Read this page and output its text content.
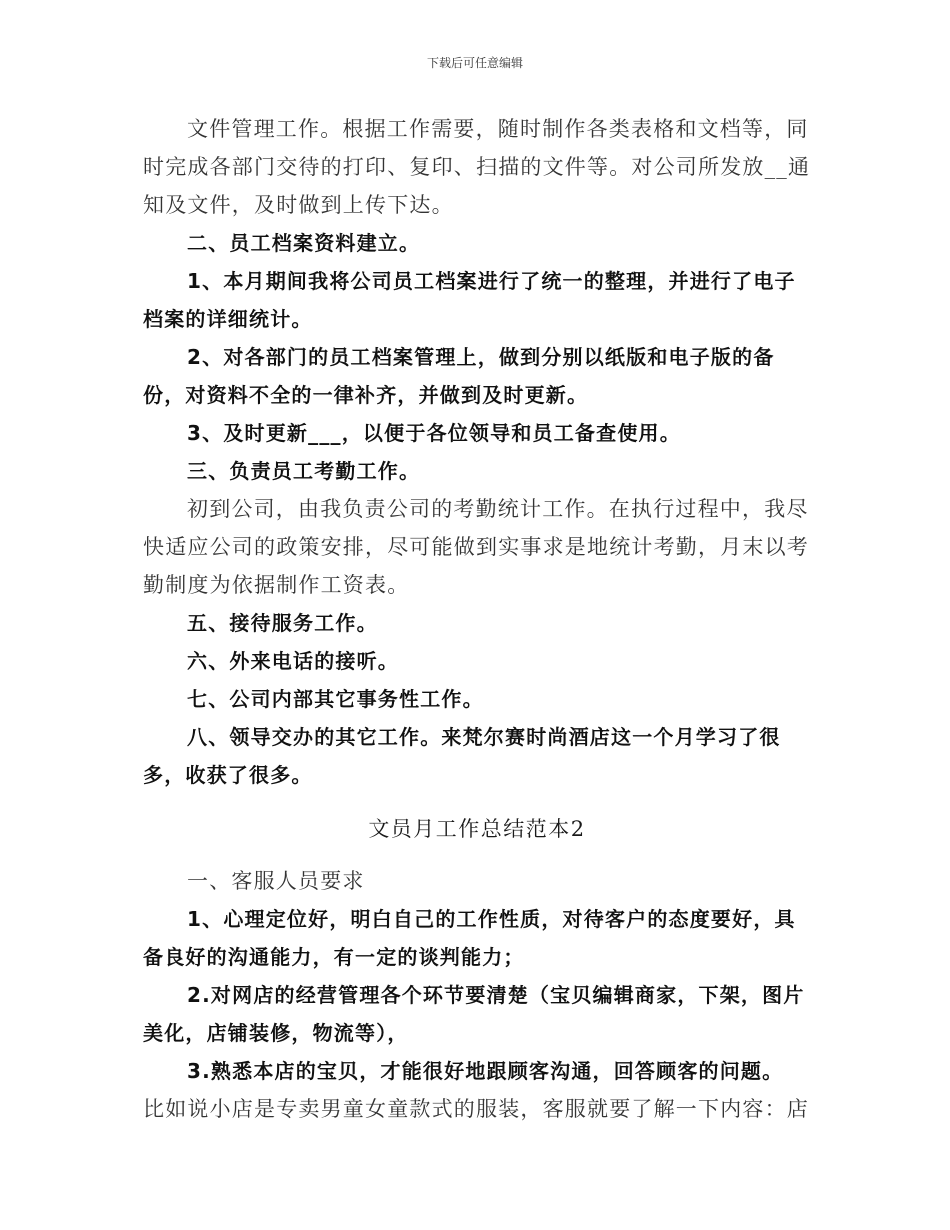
下载后可任意编辑

文件管理工作。根据工作需要，随时制作各类表格和文档等，同时完成各部门交待的打印、复印、扫描的文件等。对公司所发放__通知及文件，及时做到上传下达。

二、员工档案资料建立。

1、本月期间我将公司员工档案进行了统一的整理，并进行了电子档案的详细统计。

2、对各部门的员工档案管理上，做到分别以纸版和电子版的备份，对资料不全的一律补齐，并做到及时更新。

3、及时更新___，以便于各位领导和员工备查使用。

三、负责员工考勤工作。

初到公司，由我负责公司的考勤统计工作。在执行过程中，我尽快适应公司的政策安排，尽可能做到实事求是地统计考勤，月末以考勤制度为依据制作工资表。

五、接待服务工作。

六、外来电话的接听。

七、公司内部其它事务性工作。

八、领导交办的其它工作。来梵尔赛时尚酒店这一个月学习了很多，收获了很多。

文员月工作总结范本2

一、客服人员要求

1、心理定位好，明白自己的工作性质，对待客户的态度要好，具备良好的沟通能力，有一定的谈判能力；

2.对网店的经营管理各个环节要清楚（宝贝编辑商家，下架，图片美化，店铺装修，物流等），

3.熟悉本店的宝贝，才能很好地跟顾客沟通，回答顾客的问题。

比如说小店是专卖男童女童款式的服装，客服就要了解一下内容：店
